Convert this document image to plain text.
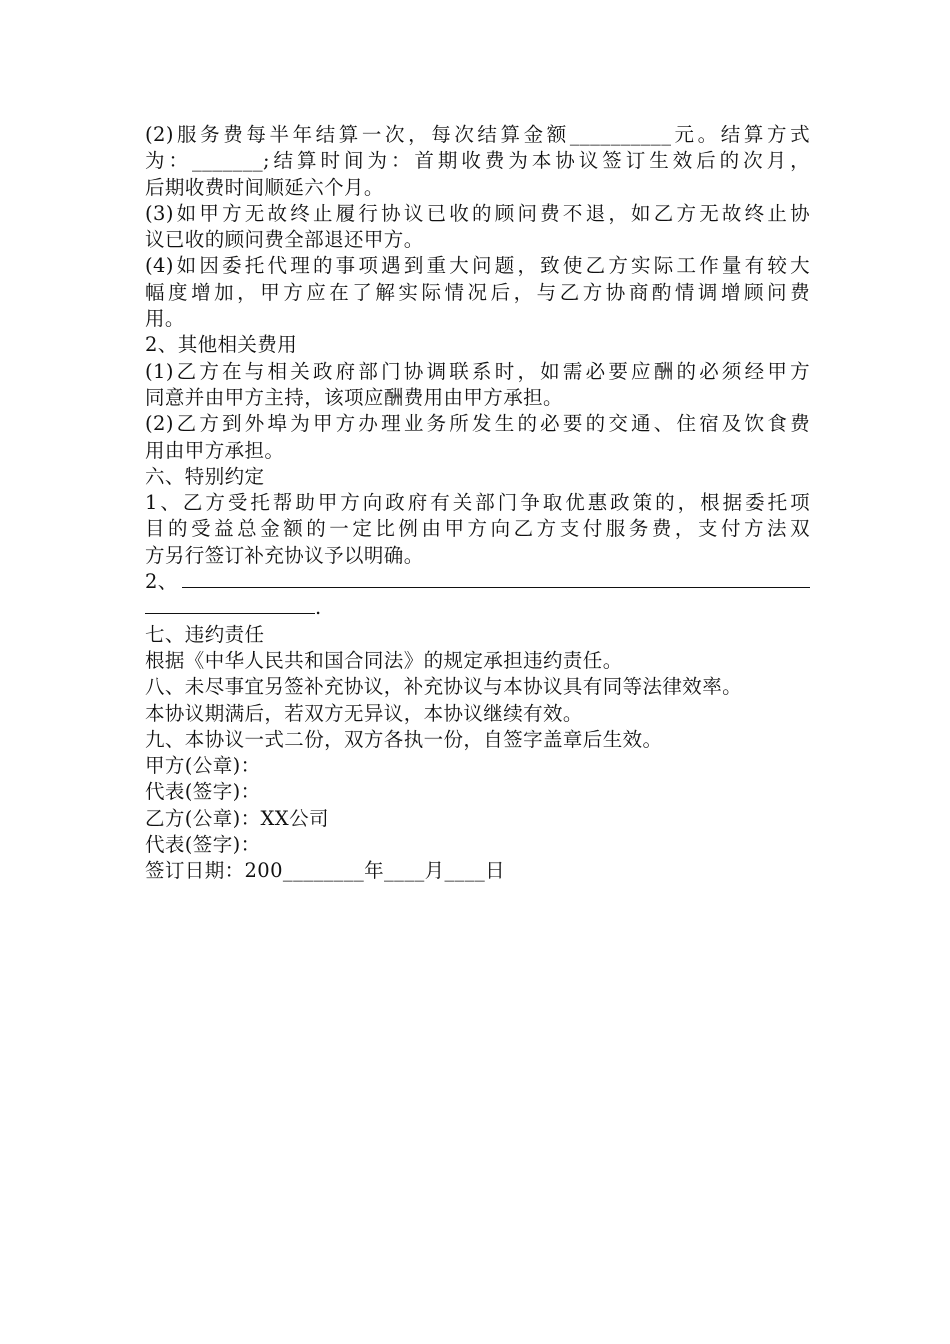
(2)服务费每半年结算一次，每次结算金额__________元。结算方式
为：_______;结算时间为：首期收费为本协议签订生效后的次月，
后期收费时间顺延六个月。
(3)如甲方无故终止履行协议已收的顾问费不退，如乙方无故终止协
议已收的顾问费全部退还甲方。
(4)如因委托代理的事项遇到重大问题，致使乙方实际工作量有较大
幅度增加，甲方应在了解实际情况后，与乙方协商酌情调增顾问费
用。
2、其他相关费用
(1)乙方在与相关政府部门协调联系时，如需必要应酬的必须经甲方
同意并由甲方主持，该项应酬费用由甲方承担。
(2)乙方到外埠为甲方办理业务所发生的必要的交通、住宿及饮食费
用由甲方承担。
六、特别约定
1、乙方受托帮助甲方向政府有关部门争取优惠政策的，根据委托项
目的受益总金额的一定比例由甲方向乙方支付服务费，支付方法双
方另行签订补充协议予以明确。
2、
.
七、违约责任
根据《中华人民共和国合同法》的规定承担违约责任。
八、未尽事宜另签补充协议，补充协议与本协议具有同等法律效率。
本协议期满后，若双方无异议，本协议继续有效。
九、本协议一式二份，双方各执一份，自签字盖章后生效。
甲方(公章)：
代表(签字)：
乙方(公章)：XX公司
代表(签字)：
签订日期：200________年____月____日
